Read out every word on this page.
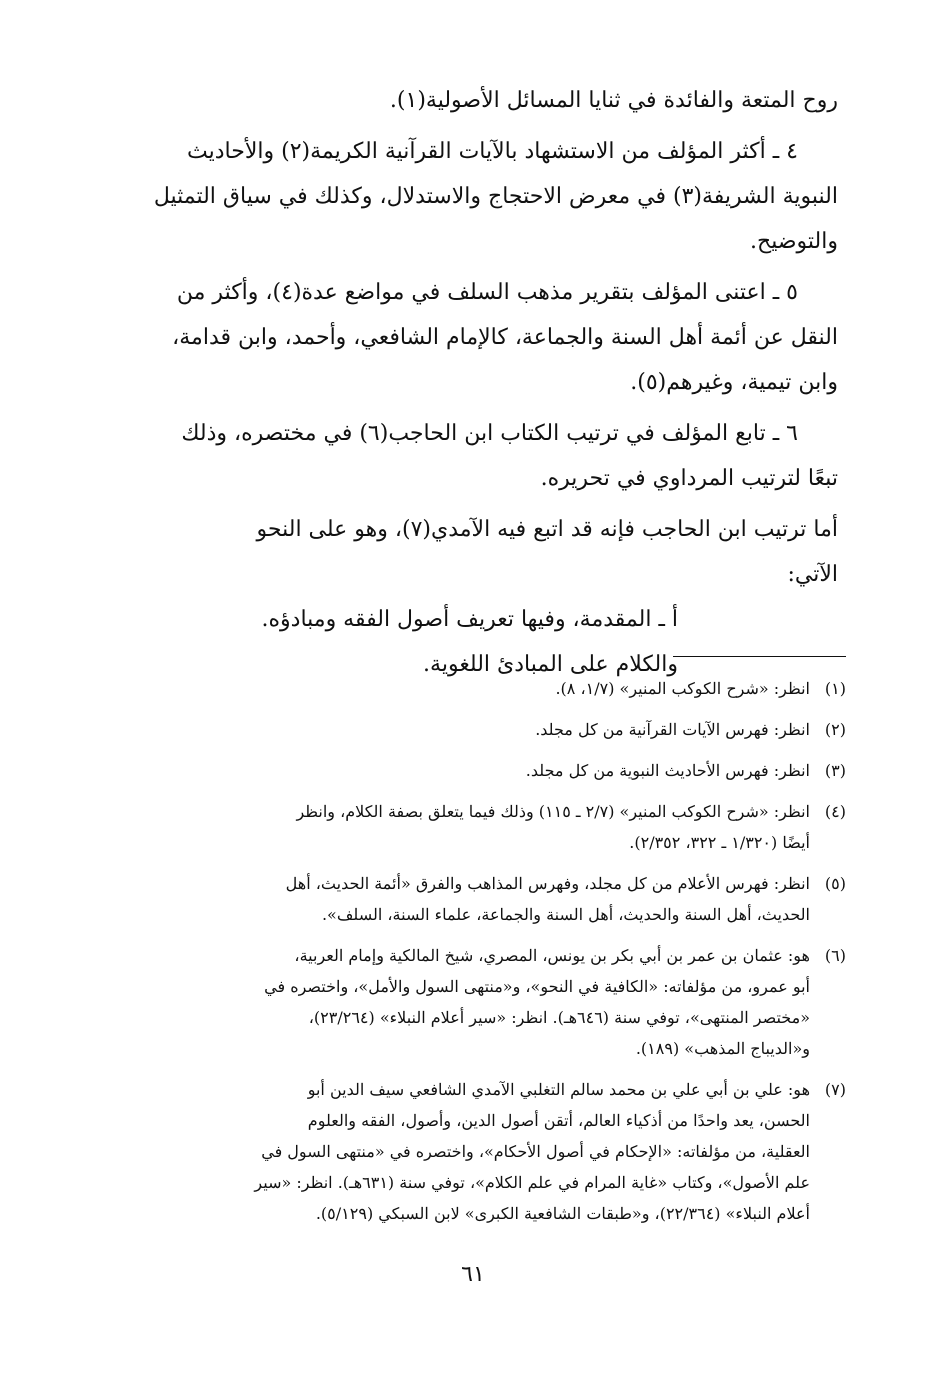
روح المتعة والفائدة في ثنايا المسائل الأصولية(١).
٤ ـ أكثر المؤلف من الاستشهاد بالآيات القرآنية الكريمة(٢) والأحاديث
النبوية الشريفة(٣) في معرض الاحتجاج والاستدلال، وكذلك في سياق التمثيل
والتوضيح.
٥ ـ اعتنى المؤلف بتقرير مذهب السلف في مواضع عدة(٤)، وأكثر من
النقل عن أئمة أهل السنة والجماعة، كالإمام الشافعي، وأحمد، وابن قدامة،
وابن تيمية، وغيرهم(٥).
٦ ـ تابع المؤلف في ترتيب الكتاب ابن الحاجب(٦) في مختصره، وذلك
تبعًا لترتيب المرداوي في تحريره.
أما ترتيب ابن الحاجب فإنه قد اتبع فيه الآمدي(٧)، وهو على النحو
الآتي:
أ ـ المقدمة، وفيها تعريف أصول الفقه ومبادؤه.
والكلام على المبادئ اللغوية.
(١)
انظر: «شرح الكوكب المنير» (١/٧، ٨).
(٢)
انظر: فهرس الآيات القرآنية من كل مجلد.
(٣)
انظر: فهرس الأحاديث النبوية من كل مجلد.
(٤)
انظر: «شرح الكوكب المنير» (٢/٧ ـ ١١٥) وذلك فيما يتعلق بصفة الكلام، وانظر
أيضًا (١/٣٢٠ ـ ٣٢٢، ٢/٣٥٢).
(٥)
انظر: فهرس الأعلام من كل مجلد، وفهرس المذاهب والفرق «أئمة الحديث، أهل
الحديث، أهل السنة والحديث، أهل السنة والجماعة، علماء السنة، السلف».
(٦)
هو: عثمان بن عمر بن أبي بكر بن يونس، المصري، شيخ المالكية وإمام العربية،
أبو عمرو، من مؤلفاته: «الكافية في النحو»، و«منتهى السول والأمل»، واختصره في
«مختصر المنتهى»، توفي سنة (٦٤٦هـ). انظر: «سير أعلام النبلاء» (٢٣/٢٦٤)،
و«الديباج المذهب» (١٨٩).
(٧)
هو: علي بن أبي علي بن محمد سالم التغلبي الآمدي الشافعي سيف الدين أبو
الحسن، يعد واحدًا من أذكياء العالم، أتقن أصول الدين، وأصول، الفقه والعلوم
العقلية، من مؤلفاته: «الإحكام في أصول الأحكام»، واختصره في «منتهى السول في
علم الأصول»، وكتاب «غاية المرام في علم الكلام»، توفي سنة (٦٣١هـ). انظر: «سير
أعلام النبلاء» (٢٢/٣٦٤)، و«طبقات الشافعية الكبرى» لابن السبكي (٥/١٢٩).
٦١
